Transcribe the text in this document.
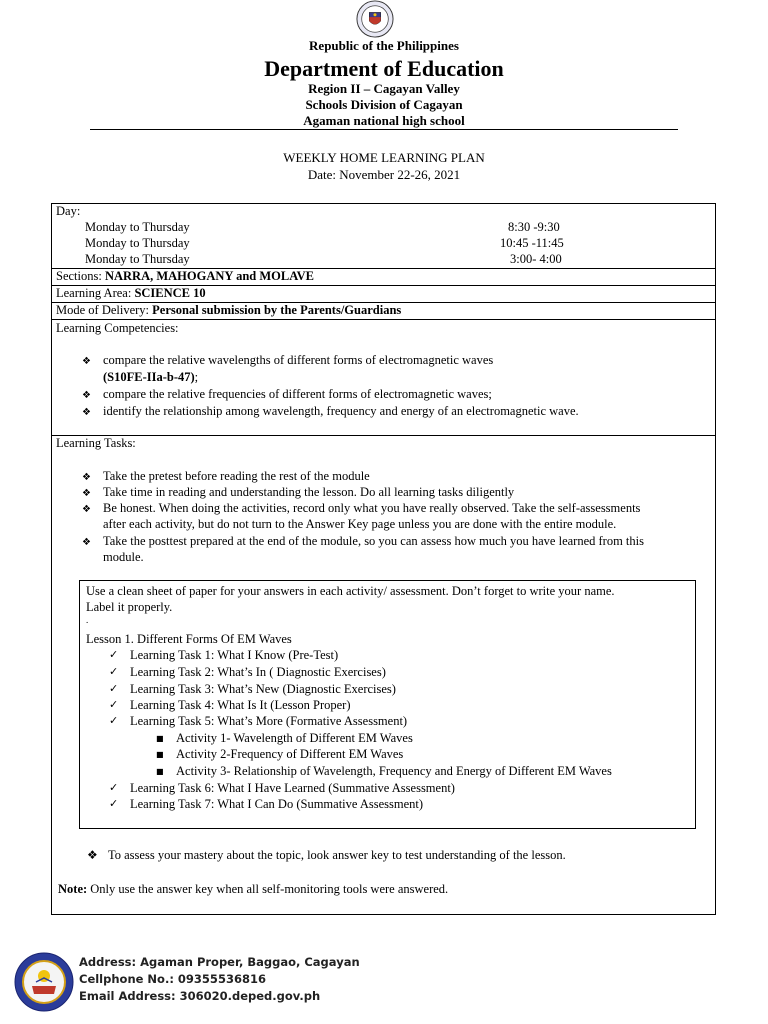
Republic of the Philippines
Department of Education
Region II – Cagayan Valley
Schools Division of Cagayan
Agaman national high school
WEEKLY HOME LEARNING PLAN
Date: November 22-26, 2021
Day:
Monday to Thursday	8:30 -9:30
Monday to Thursday	10:45 -11:45
Monday to Thursday	3:00- 4:00
Sections: NARRA, MAHOGANY and MOLAVE
Learning Area: SCIENCE 10
Mode of Delivery: Personal submission by the Parents/Guardians
Learning Competencies:
❖ compare the relative wavelengths of different forms of electromagnetic waves
(S10FE-IIa-b-47);
❖ compare the relative frequencies of different forms of electromagnetic waves;
❖ identify the relationship among wavelength, frequency and energy of an electromagnetic wave.
Learning Tasks:
❖ Take the pretest before reading the rest of the module
❖ Take time in reading and understanding the lesson. Do all learning tasks diligently
❖ Be honest. When doing the activities, record only what you have really observed. Take the self-assessments
after each activity, but do not turn to the Answer Key page unless you are done with the entire module.
❖ Take the posttest prepared at the end of the module, so you can assess how much you have learned from this
module.
Use a clean sheet of paper for your answers in each activity/ assessment. Don’t forget to write your name.
Label it properly.
.
Lesson 1. Different Forms Of EM Waves
✓ Learning Task 1: What I Know (Pre-Test)
✓ Learning Task 2: What’s In ( Diagnostic Exercises)
✓ Learning Task 3: What’s New (Diagnostic Exercises)
✓ Learning Task 4: What Is It (Lesson Proper)
✓ Learning Task 5: What’s More (Formative Assessment)
■ Activity 1- Wavelength of Different EM Waves
■ Activity 2-Frequency of Different EM Waves
■ Activity 3- Relationship of Wavelength, Frequency and Energy of Different EM Waves
✓ Learning Task 6: What I Have Learned (Summative Assessment)
✓ Learning Task 7: What I Can Do (Summative Assessment)
❖ To assess your mastery about the topic, look answer key to test understanding of the lesson.
Note: Only use the answer key when all self-monitoring tools were answered.
Address: Agaman Proper, Baggao, Cagayan
Cellphone No.: 09355536816
Email Address: 306020.deped.gov.ph
